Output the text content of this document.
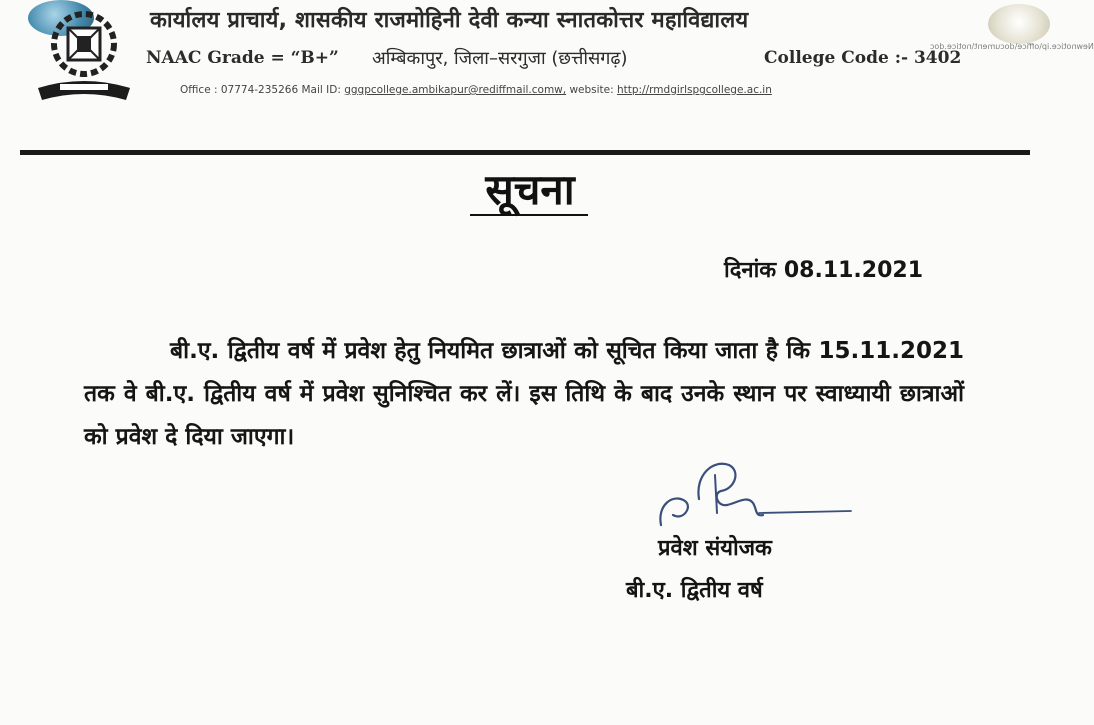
कार्यालय प्राचार्य, शासकीय राजमोहिनी देवी कन्या स्नातकोत्तर महाविद्यालय
NAAC Grade = “B+” अम्बिकापुर, जिला–सरगुजा (छत्तीसगढ़)	College Code :- 3402
Newnotice.ip\office\document\notice.doc
Office : 07774-235266 Mail ID: gggpcollege.ambikapur@rediffmail.comw, website: http://rmdgirlspgcollege.ac.in
सूचना
दिनांक 08.11.2021
बी.ए. द्वितीय वर्ष में प्रवेश हेतु नियमित छात्राओं को सूचित किया जाता है कि 15.11.2021 तक वे बी.ए. द्वितीय वर्ष में प्रवेश सुनिश्चित कर लें। इस तिथि के बाद उनके स्थान पर स्वाध्यायी छात्राओं को प्रवेश दे दिया जाएगा।
प्रवेश संयोजक
बी.ए. द्वितीय वर्ष
